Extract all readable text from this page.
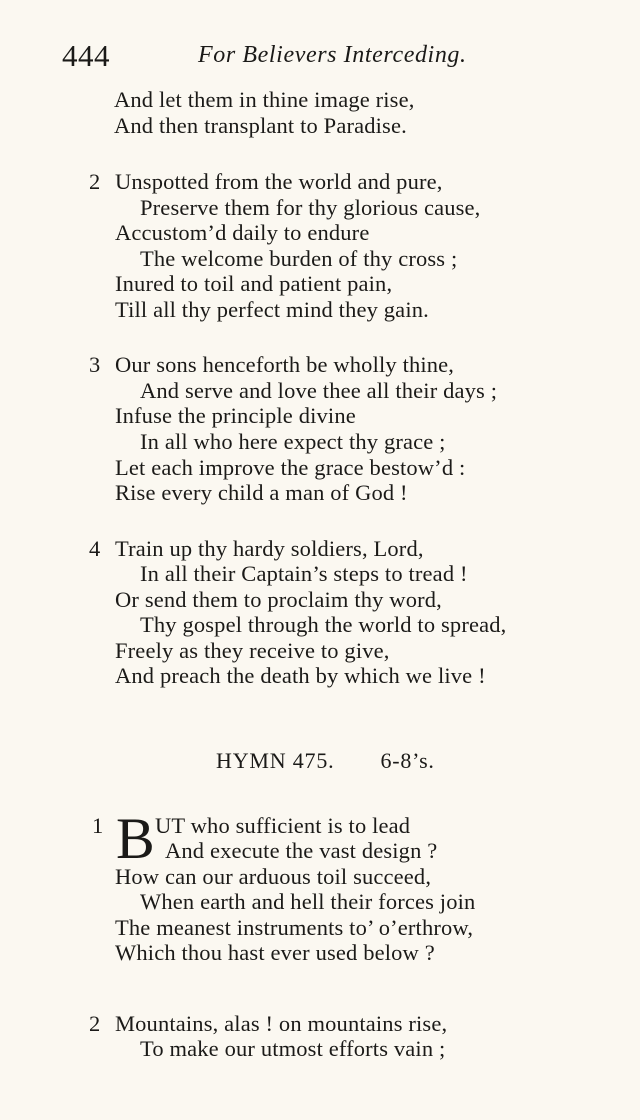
444	For Believers Interceding.
And let them in thine image rise,
And then transplant to Paradise.
2 Unspotted from the world and pure,
Preserve them for thy glorious cause,
Accustom’d daily to endure
The welcome burden of thy cross ;
Inured to toil and patient pain,
Till all thy perfect mind they gain.
3 Our sons henceforth be wholly thine,
And serve and love thee all their days ;
Infuse the principle divine
In all who here expect thy grace ;
Let each improve the grace bestow’d :
Rise every child a man of God !
4 Train up thy hardy soldiers, Lord,
In all their Captain’s steps to tread !
Or send them to proclaim thy word,
Thy gospel through the world to spread,
Freely as they receive to give,
And preach the death by which we live !
HYMN 475. 6-8’s.
1 B UT who sufficient is to lead
And execute the vast design ?
How can our arduous toil succeed,
When earth and hell their forces join
The meanest instruments to’ o’erthrow,
Which thou hast ever used below ?
2 Mountains, alas ! on mountains rise,
To make our utmost efforts vain ;
